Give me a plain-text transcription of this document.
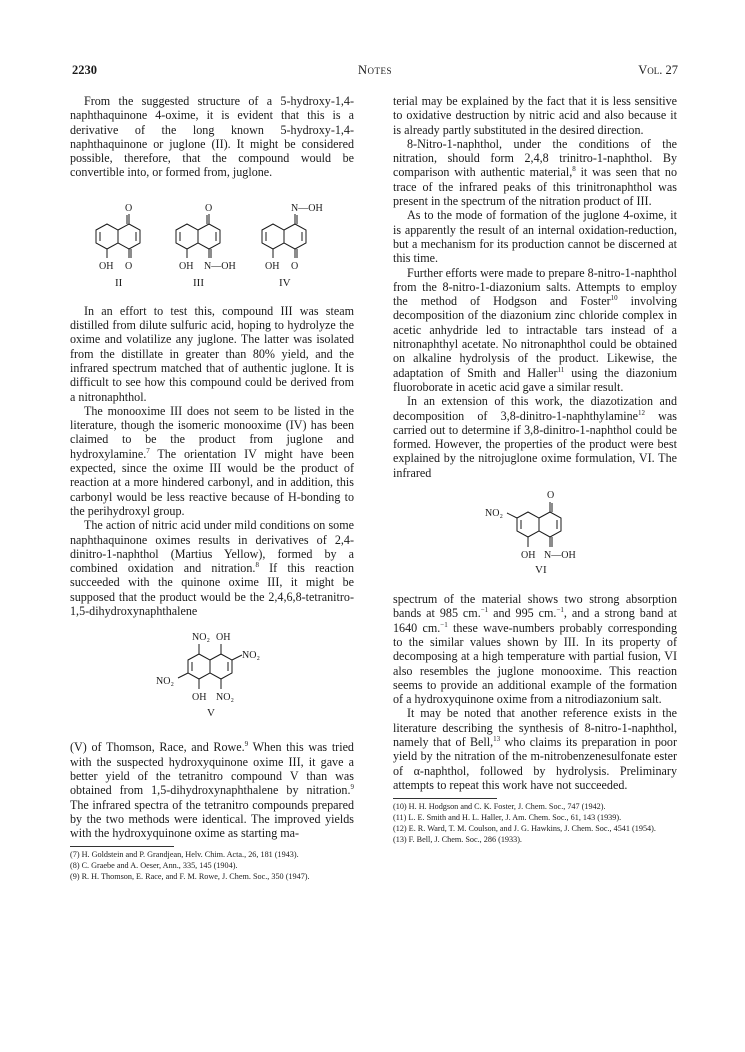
2230	Notes	Vol. 27

From the suggested structure of a 5-hydroxy-1,4-naphthaquinone 4-oxime, it is evident that this is a derivative of the long known 5-hydroxy-1,4-naphthaquinone or juglone (II). It might be considered possible, therefore, that the compound would be convertible into, or formed from, juglone.

O
OH O
II
O
OH N—OH
III
N—OH
OH O
IV

In an effort to test this, compound III was steam distilled from dilute sulfuric acid, hoping to hydrolyze the oxime and volatilize any juglone. The latter was isolated from the distillate in greater than 80% yield, and the infrared spectrum matched that of authentic juglone. It is difficult to see how this compound could be derived from a nitronaphthol.

The monooxime III does not seem to be listed in the literature, though the isomeric monooxime (IV) has been claimed to be the product from juglone and hydroxylamine.$^7$ The orientation IV might have been expected, since the oxime III would be the product of reaction at a more hindered carbonyl, and in addition, this carbonyl would be less reactive because of H-bonding to the perihydroxyl group.

The action of nitric acid under mild conditions on some naphthaquinone oximes results in derivatives of 2,4-dinitro-1-naphthol (Martius Yellow), formed by a combined oxidation and nitration.$^8$ If this reaction succeeded with the quinone oxime III, it might be supposed that the product would be the 2,4,6,8-tetranitro-1,5-dihydroxynaphthalene

NO₂ OH
NO₂
NO₂
OH NO₂
V

(V) of Thomson, Race, and Rowe.$^9$ When this was tried with the suspected hydroxyquinone oxime III, it gave a better yield of the tetranitro compound V than was obtained from 1,5-dihydroxynaphthalene by nitration.$^9$ The infrared spectra of the tetranitro compounds prepared by the two methods were identical. The improved yields with the hydroxyquinone oxime as starting ma-

(7) H. Goldstein and P. Grandjean, Helv. Chim. Acta., 26, 181 (1943).
(8) C. Graebe and A. Oeser, Ann., 335, 145 (1904).
(9) R. H. Thomson, E. Race, and F. M. Rowe, J. Chem. Soc., 350 (1947).

terial may be explained by the fact that it is less sensitive to oxidative destruction by nitric acid and also because it is already partly substituted in the desired direction.

8-Nitro-1-naphthol, under the conditions of the nitration, should form 2,4,8 trinitro-1-naphthol. By comparison with authentic material,$^8$ it was seen that no trace of the infrared peaks of this trinitronaphthol was present in the spectrum of the nitration product of III.

As to the mode of formation of the juglone 4-oxime, it is apparently the result of an internal oxidation-reduction, but a mechanism for its production cannot be discerned at this time.

Further efforts were made to prepare 8-nitro-1-naphthol from the 8-nitro-1-diazonium salts. Attempts to employ the method of Hodgson and Foster$^{10}$ involving decomposition of the diazonium zinc chloride complex in acetic anhydride led to intractable tars instead of a nitronaphthyl acetate. No nitronaphthol could be obtained on alkaline hydrolysis of the product. Likewise, the adaptation of Smith and Haller$^{11}$ using the diazonium fluoroborate in acetic acid gave a similar result.

In an extension of this work, the diazotization and decomposition of 3,8-dinitro-1-naphthylamine$^{12}$ was carried out to determine if 3,8-dinitro-1-naphthol could be formed. However, the properties of the product were best explained by the nitrojuglone oxime formulation, VI. The infrared

O
NO₂
OH N—OH
VI

spectrum of the material shows two strong absorption bands at 985 cm.$^{-1}$ and 995 cm.$^{-1}$, and a strong band at 1640 cm.$^{-1}$ these wave-numbers probably corresponding to the similar values shown by III. In its property of decomposing at a high temperature with partial fusion, VI also resembles the juglone monooxime. This reaction seems to provide an additional example of the formation of a hydroxyquinone oxime from a nitrodiazonium salt.

It may be noted that another reference exists in the literature describing the synthesis of 8-nitro-1-naphthol, namely that of Bell,$^{13}$ who claims its preparation in poor yield by the nitration of the m-nitrobenzenesulfonate ester of α-naphthol, followed by hydrolysis. Preliminary attempts to repeat this work have not succeeded.

(10) H. H. Hodgson and C. K. Foster, J. Chem. Soc., 747 (1942).
(11) L. E. Smith and H. L. Haller, J. Am. Chem. Soc., 61, 143 (1939).
(12) E. R. Ward, T. M. Coulson, and J. G. Hawkins, J. Chem. Soc., 4541 (1954).
(13) F. Bell, J. Chem. Soc., 286 (1933).
